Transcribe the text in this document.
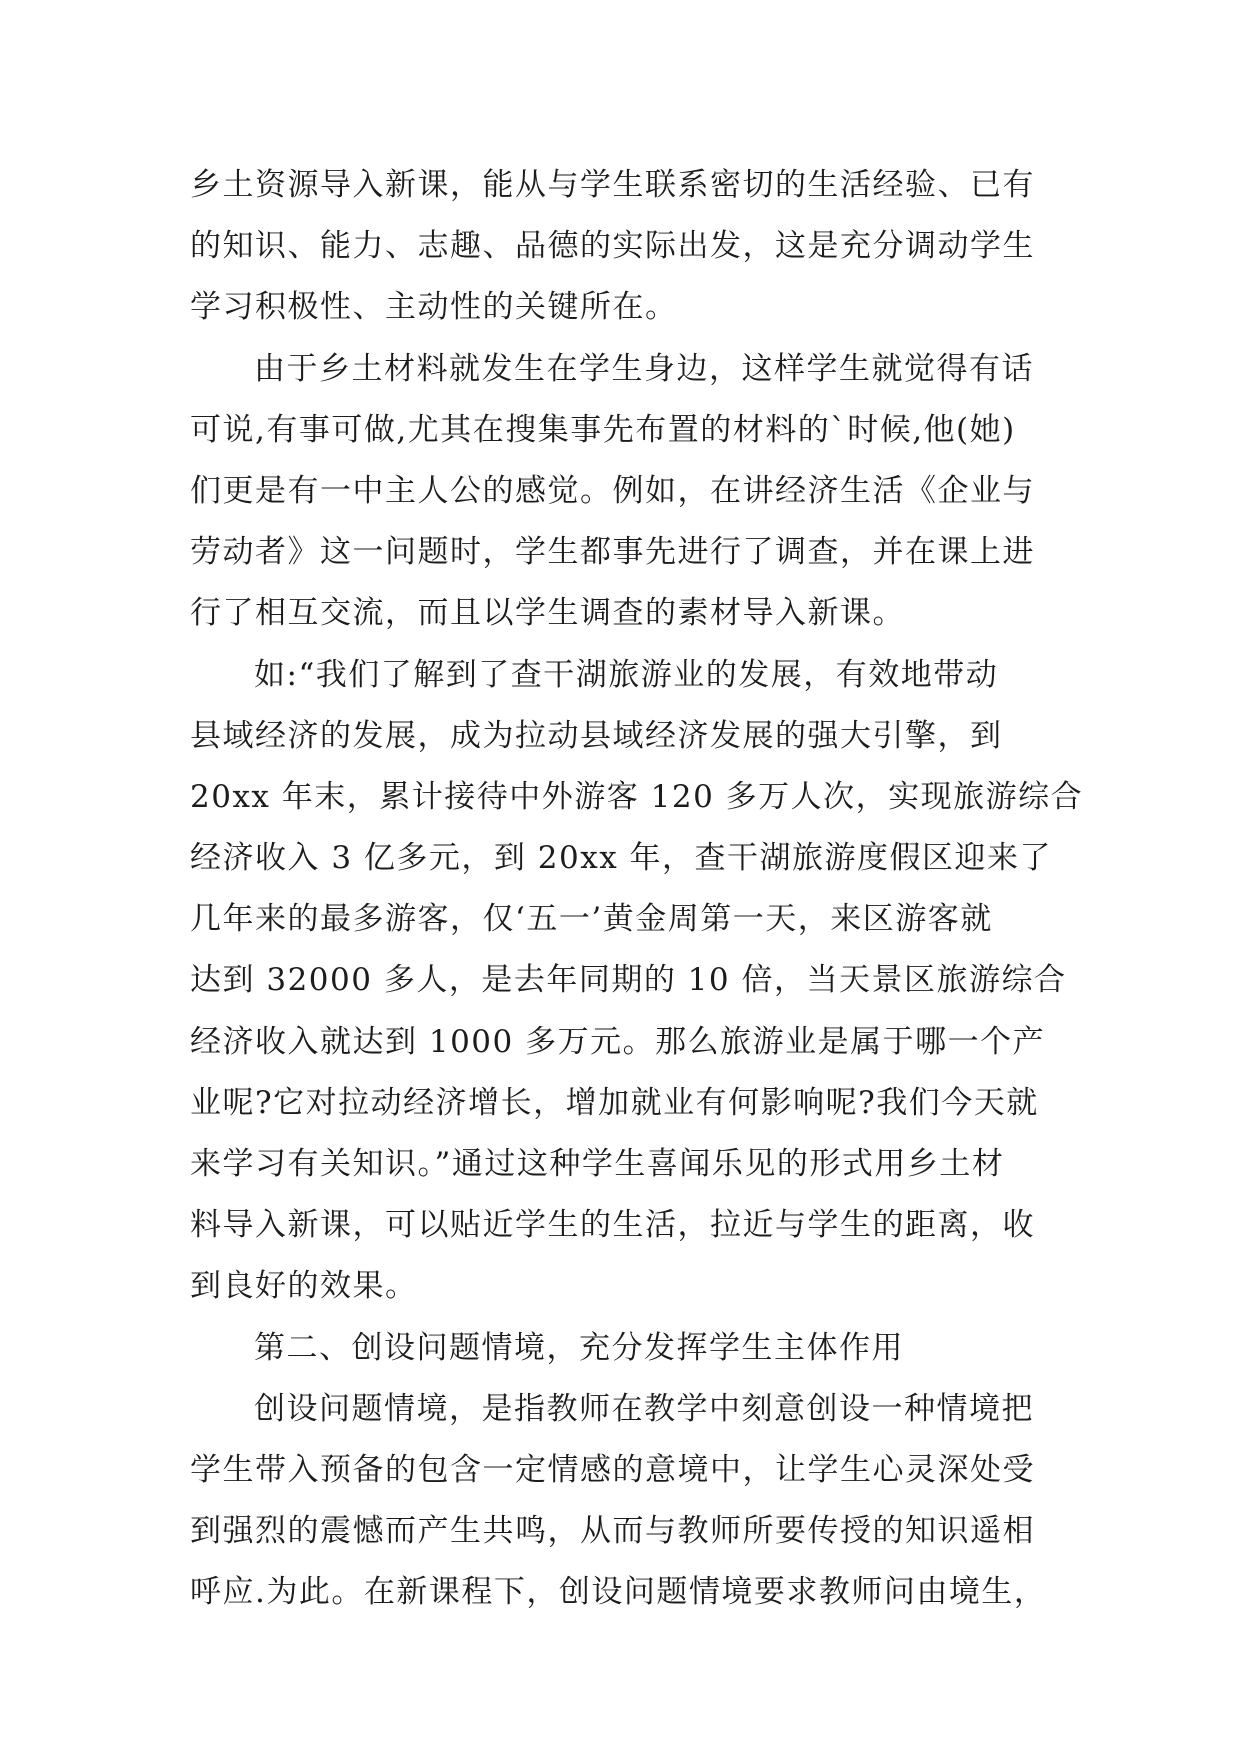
乡土资源导入新课，能从与学生联系密切的生活经验、已有
的知识、能力、志趣、品德的实际出发，这是充分调动学生
学习积极性、主动性的关键所在。
由于乡土材料就发生在学生身边，这样学生就觉得有话
可说,有事可做,尤其在搜集事先布置的材料的`时候,他(她)
们更是有一中主人公的感觉。例如，在讲经济生活《企业与
劳动者》这一问题时，学生都事先进行了调查，并在课上进
行了相互交流，而且以学生调查的素材导入新课。
如:“我们了解到了查干湖旅游业的发展，有效地带动
县域经济的发展，成为拉动县域经济发展的强大引擎，到
20xx 年末，累计接待中外游客 120 多万人次，实现旅游综合
经济收入 3 亿多元，到 20xx 年，查干湖旅游度假区迎来了
几年来的最多游客，仅‘五一’黄金周第一天，来区游客就
达到 32000 多人，是去年同期的 10 倍，当天景区旅游综合
经济收入就达到 1000 多万元。那么旅游业是属于哪一个产
业呢?它对拉动经济增长，增加就业有何影响呢?我们今天就
来学习有关知识。”通过这种学生喜闻乐见的形式用乡土材
料导入新课，可以贴近学生的生活，拉近与学生的距离，收
到良好的效果。
第二、创设问题情境，充分发挥学生主体作用
创设问题情境，是指教师在教学中刻意创设一种情境把
学生带入预备的包含一定情感的意境中，让学生心灵深处受
到强烈的震憾而产生共鸣，从而与教师所要传授的知识遥相
呼应.为此。在新课程下，创设问题情境要求教师问由境生，
